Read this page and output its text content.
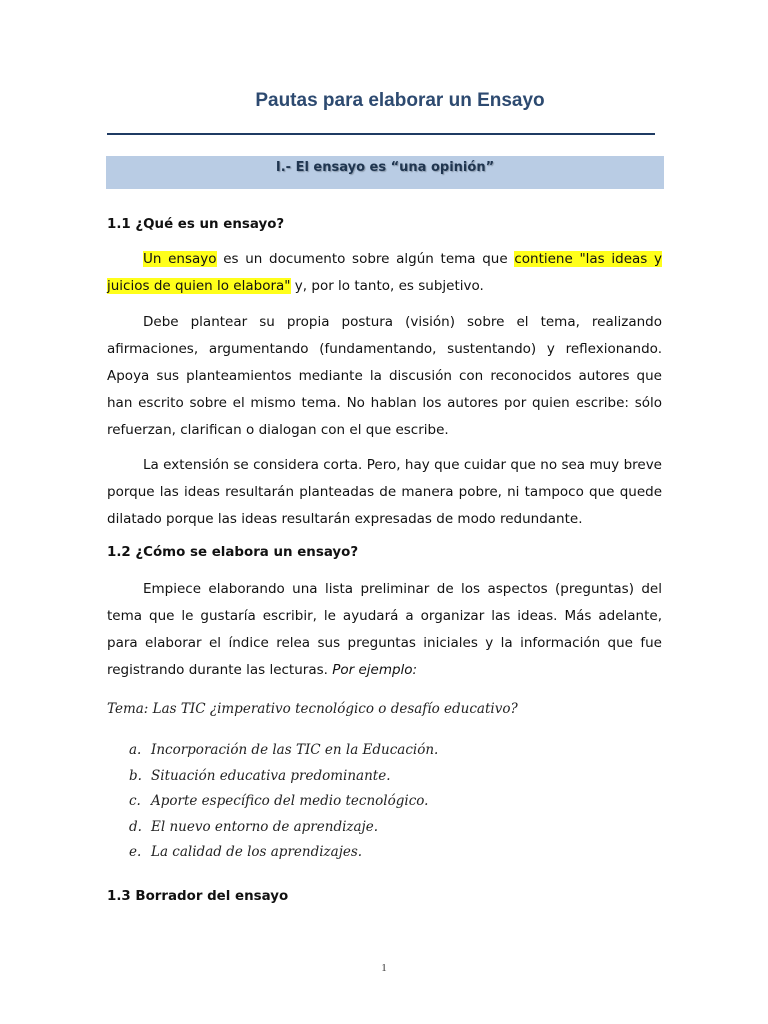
Pautas para elaborar un Ensayo
I.- El ensayo es “una opinión”
1.1 ¿Qué es un ensayo?
Un ensayo es un documento sobre algún tema que contiene "las ideas y juicios de quien lo elabora" y, por lo tanto, es subjetivo.
Debe plantear su propia postura (visión) sobre el tema, realizando afirmaciones, argumentando (fundamentando, sustentando) y reflexionando. Apoya sus planteamientos mediante la discusión con reconocidos autores que han escrito sobre el mismo tema. No hablan los autores por quien escribe: sólo refuerzan, clarifican o dialogan con el que escribe.
La extensión se considera corta. Pero, hay que cuidar que no sea muy breve porque las ideas resultarán planteadas de manera pobre, ni tampoco que quede dilatado porque las ideas resultarán expresadas de modo redundante.
1.2 ¿Cómo se elabora un ensayo?
Empiece elaborando una lista preliminar de los aspectos (preguntas) del tema que le gustaría escribir, le ayudará a organizar las ideas. Más adelante, para elaborar el índice relea sus preguntas iniciales y la información que fue registrando durante las lecturas. Por ejemplo:
Tema: Las TIC ¿imperativo tecnológico o desafío educativo?
a. Incorporación de las TIC en la Educación.
b. Situación educativa predominante.
c. Aporte específico del medio tecnológico.
d. El nuevo entorno de aprendizaje.
e. La calidad de los aprendizajes.
1.3 Borrador del ensayo
1
